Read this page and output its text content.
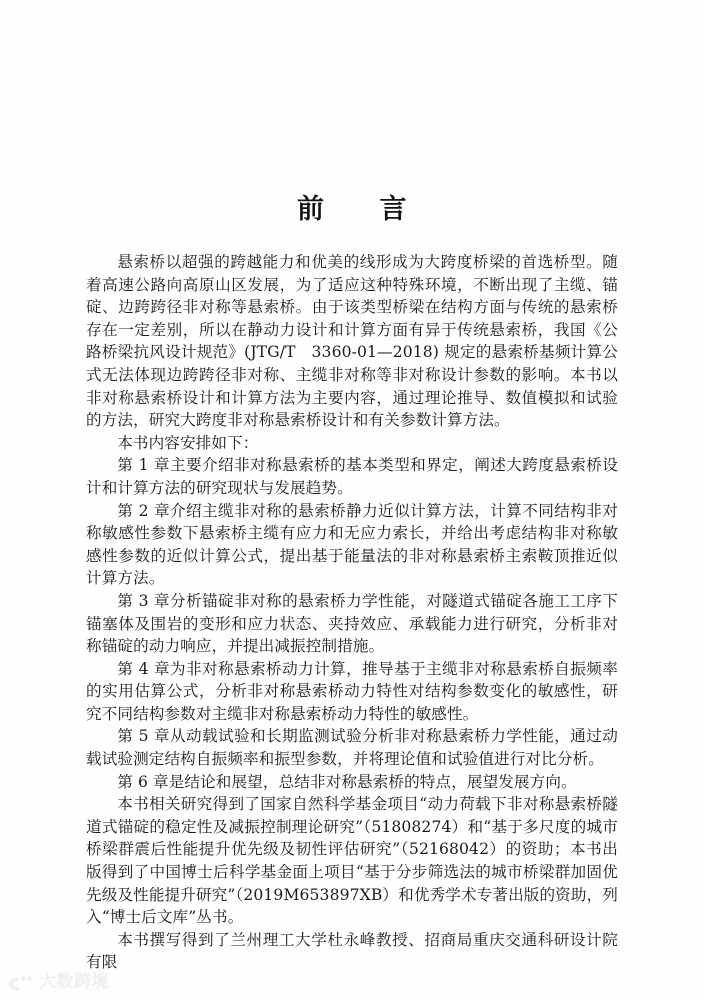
前　　言

悬索桥以超强的跨越能力和优美的线形成为大跨度桥梁的首选桥型。随着高速公路向高原山区发展，为了适应这种特殊环境，不断出现了主缆、锚碇、边跨跨径非对称等悬索桥。由于该类型桥梁在结构方面与传统的悬索桥存在一定差别，所以在静动力设计和计算方面有异于传统悬索桥，我国《公路桥梁抗风设计规范》(JTG/T　3360-01—2018) 规定的悬索桥基频计算公式无法体现边跨跨径非对称、主缆非对称等非对称设计参数的影响。本书以非对称悬索桥设计和计算方法为主要内容，通过理论推导、数值模拟和试验的方法，研究大跨度非对称悬索桥设计和有关参数计算方法。

本书内容安排如下：

第 1 章主要介绍非对称悬索桥的基本类型和界定，阐述大跨度悬索桥设计和计算方法的研究现状与发展趋势。

第 2 章介绍主缆非对称的悬索桥静力近似计算方法，计算不同结构非对称敏感性参数下悬索桥主缆有应力和无应力索长，并给出考虑结构非对称敏感性参数的近似计算公式，提出基于能量法的非对称悬索桥主索鞍顶推近似计算方法。

第 3 章分析锚碇非对称的悬索桥力学性能，对隧道式锚碇各施工工序下锚塞体及围岩的变形和应力状态、夹持效应、承载能力进行研究，分析非对称锚碇的动力响应，并提出减振控制措施。

第 4 章为非对称悬索桥动力计算，推导基于主缆非对称悬索桥自振频率的实用估算公式，分析非对称悬索桥动力特性对结构参数变化的敏感性，研究不同结构参数对主缆非对称悬索桥动力特性的敏感性。

第 5 章从动载试验和长期监测试验分析非对称悬索桥力学性能，通过动载试验测定结构自振频率和振型参数，并将理论值和试验值进行对比分析。

第 6 章是结论和展望，总结非对称悬索桥的特点，展望发展方向。

本书相关研究得到了国家自然科学基金项目“动力荷载下非对称悬索桥隧道式锚碇的稳定性及减振控制理论研究”（51808274）和“基于多尺度的城市桥梁群震后性能提升优先级及韧性评估研究”（52168042）的资助；本书出版得到了中国博士后科学基金面上项目“基于分步筛选法的城市桥梁群加固优先级及性能提升研究”（2019M653897XB）和优秀学术专著出版的资助，列入“博士后文库”丛书。

本书撰写得到了兰州理工大学杜永峰教授、招商局重庆交通科研设计院有限

大数跨境
